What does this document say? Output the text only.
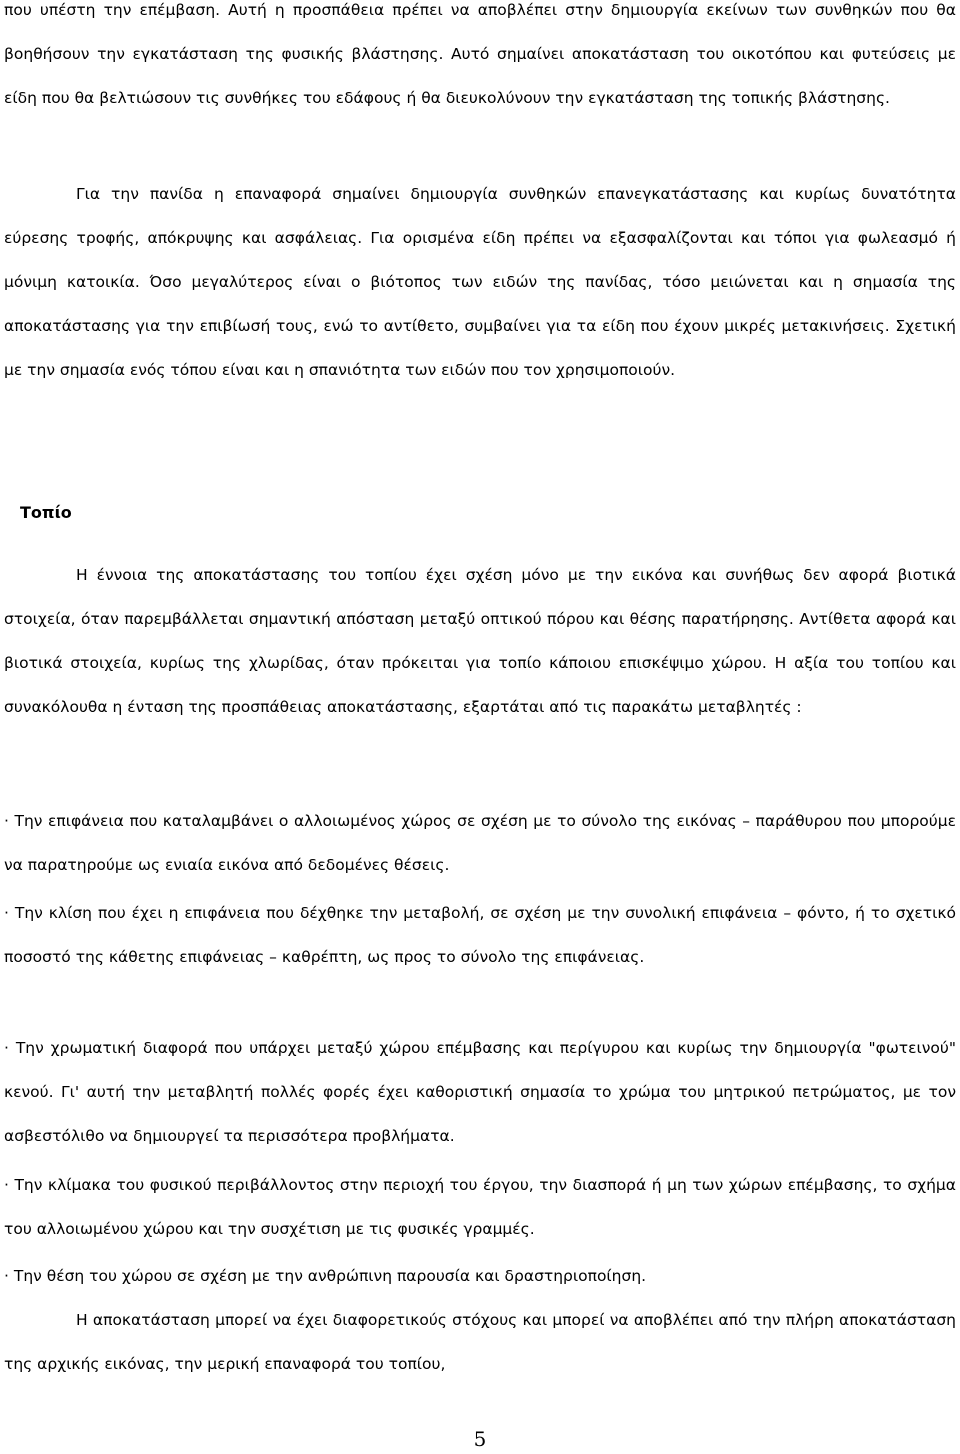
που υπέστη την επέμβαση. Αυτή η προσπάθεια πρέπει να αποβλέπει στην δημιουργία εκείνων των συνθηκών που θα βοηθήσουν την εγκατάσταση της φυσικής βλάστησης. Αυτό σημαίνει αποκατάσταση του οικοτόπου και φυτεύσεις με είδη που θα βελτιώσουν τις συνθήκες του εδάφους ή θα διευκολύνουν την εγκατάσταση της τοπικής βλάστησης.

Για την πανίδα η επαναφορά σημαίνει δημιουργία συνθηκών επανεγκατάστασης και κυρίως δυνατότητα εύρεσης τροφής, απόκρυψης και ασφάλειας. Για ορισμένα είδη πρέπει να εξασφαλίζονται και τόποι για φωλεασμό ή μόνιμη κατοικία. Όσο μεγαλύτερος είναι ο βιότοπος των ειδών της πανίδας, τόσο μειώνεται και η σημασία της αποκατάστασης για την επιβίωσή τους, ενώ το αντίθετο, συμβαίνει για τα είδη που έχουν μικρές μετακινήσεις. Σχετική με την σημασία ενός τόπου είναι και η σπανιότητα των ειδών που τον χρησιμοποιούν.

Τοπίο

Η έννοια της αποκατάστασης του τοπίου έχει σχέση μόνο με την εικόνα και συνήθως δεν αφορά βιοτικά στοιχεία, όταν παρεμβάλλεται σημαντική απόσταση μεταξύ οπτικού πόρου και θέσης παρατήρησης. Αντίθετα αφορά και βιοτικά στοιχεία, κυρίως της χλωρίδας, όταν πρόκειται για τοπίο κάποιου επισκέψιμο χώρου. Η αξία του τοπίου και συνακόλουθα η ένταση της προσπάθειας αποκατάστασης, εξαρτάται από τις παρακάτω μεταβλητές :

· Την επιφάνεια που καταλαμβάνει ο αλλοιωμένος χώρος σε σχέση με το σύνολο της εικόνας – παράθυρου που μπορούμε να παρατηρούμε ως ενιαία εικόνα από δεδομένες θέσεις.

· Την κλίση που έχει η επιφάνεια που δέχθηκε την μεταβολή, σε σχέση με την συνολική επιφάνεια – φόντο, ή το σχετικό ποσοστό της κάθετης επιφάνειας – καθρέπτη, ως προς το σύνολο της επιφάνειας.

· Την χρωματική διαφορά που υπάρχει μεταξύ χώρου επέμβασης και περίγυρου και κυρίως την δημιουργία "φωτεινού" κενού. Γι' αυτή την μεταβλητή πολλές φορές έχει καθοριστική σημασία το χρώμα του μητρικού πετρώματος, με τον ασβεστόλιθο να δημιουργεί τα περισσότερα προβλήματα.

· Την κλίμακα του φυσικού περιβάλλοντος στην περιοχή του έργου, την διασπορά ή μη των χώρων επέμβασης, το σχήμα του αλλοιωμένου χώρου και την συσχέτιση με τις φυσικές γραμμές.

· Την θέση του χώρου σε σχέση με την ανθρώπινη παρουσία και δραστηριοποίηση.

Η αποκατάσταση μπορεί να έχει διαφορετικούς στόχους και μπορεί να αποβλέπει από την πλήρη αποκατάσταση της αρχικής εικόνας, την μερική επαναφορά του τοπίου,

5
